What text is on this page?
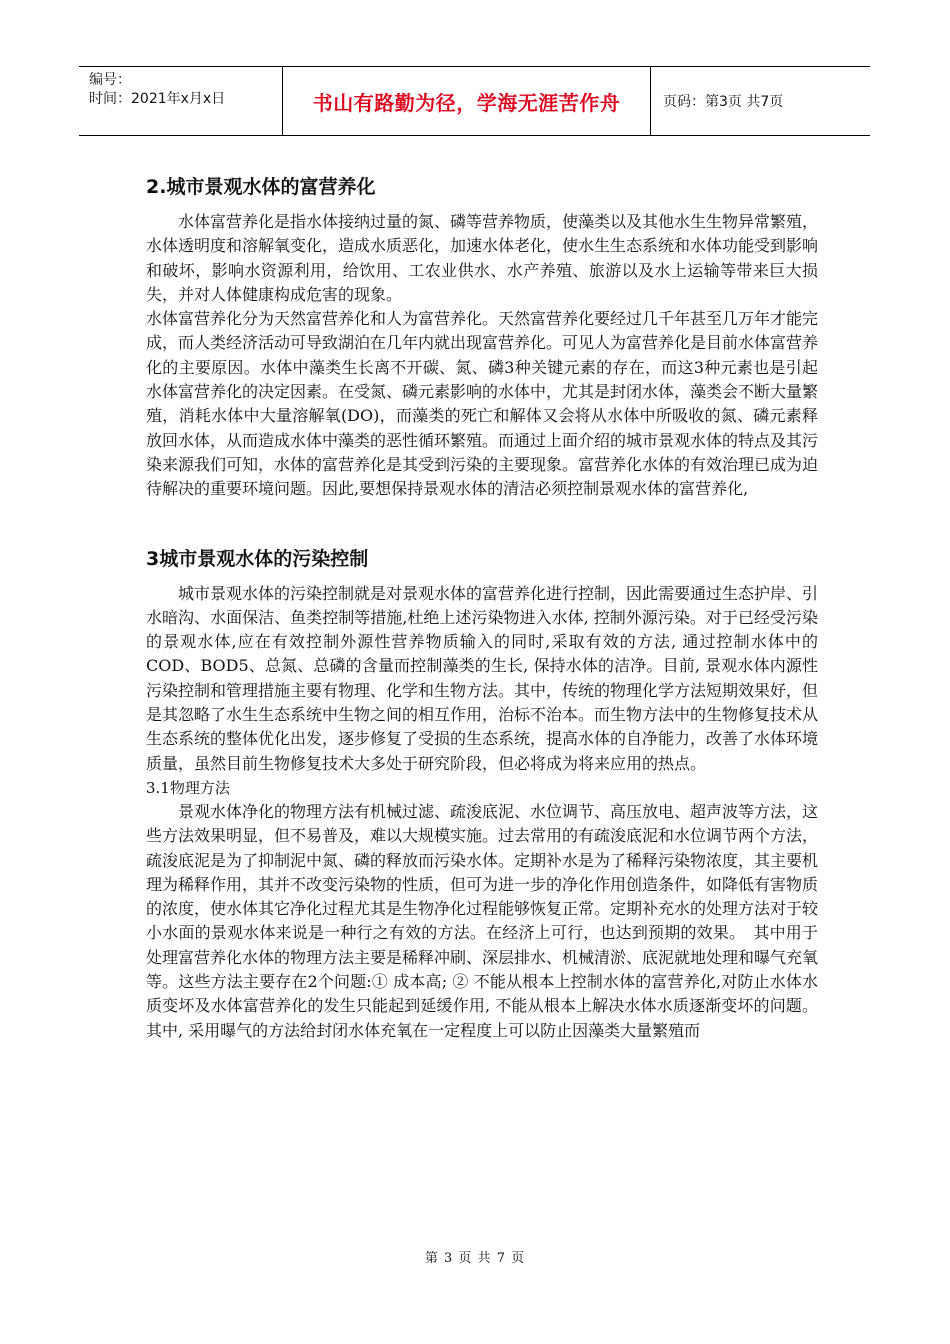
编号：
时间：2021年x月x日	书山有路勤为径，学海无涯苦作舟	页码：第3页 共7页
2.城市景观水体的富营养化

水体富营养化是指水体接纳过量的氮、磷等营养物质，使藻类以及其他水生生物异常繁殖，水体透明度和溶解氧变化，造成水质恶化，加速水体老化，使水生生态系统和水体功能受到影响和破坏，影响水资源利用，给饮用、工农业供水、水产养殖、旅游以及水上运输等带来巨大损失，并对人体健康构成危害的现象。

水体富营养化分为天然富营养化和人为富营养化。天然富营养化要经过几千年甚至几万年才能完成，而人类经济活动可导致湖泊在几年内就出现富营养化。可见人为富营养化是目前水体富营养化的主要原因。水体中藻类生长离不开碳、氮、磷3种关键元素的存在，而这3种元素也是引起水体富营养化的决定因素。在受氮、磷元素影响的水体中，尤其是封闭水体，藻类会不断大量繁殖，消耗水体中大量溶解氧(DO)，而藻类的死亡和解体又会将从水体中所吸收的氮、磷元素释放回水体，从而造成水体中藻类的恶性循环繁殖。而通过上面介绍的城市景观水体的特点及其污染来源我们可知，水体的富营养化是其受到污染的主要现象。富营养化水体的有效治理已成为迫待解决的重要环境问题。因此,要想保持景观水体的清洁必须控制景观水体的富营养化,

3城市景观水体的污染控制

城市景观水体的污染控制就是对景观水体的富营养化进行控制，因此需要通过生态护岸、引水暗沟、水面保洁、鱼类控制等措施,杜绝上述污染物进入水体, 控制外源污染。对于已经受污染的景观水体,应在有效控制外源性营养物质输入的同时,采取有效的方法, 通过控制水体中的COD、BOD5、总氮、总磷的含量而控制藻类的生长, 保持水体的洁净。目前, 景观水体内源性污染控制和管理措施主要有物理、化学和生物方法。其中，传统的物理化学方法短期效果好，但是其忽略了水生生态系统中生物之间的相互作用，治标不治本。而生物方法中的生物修复技术从生态系统的整体优化出发，逐步修复了受损的生态系统，提高水体的自净能力，改善了水体环境质量，虽然目前生物修复技术大多处于研究阶段，但必将成为将来应用的热点。

3.1物理方法

景观水体净化的物理方法有机械过滤、疏浚底泥、水位调节、高压放电、超声波等方法，这些方法效果明显，但不易普及，难以大规模实施。过去常用的有疏浚底泥和水位调节两个方法，疏浚底泥是为了抑制泥中氮、磷的释放而污染水体。定期补水是为了稀释污染物浓度，其主要机理为稀释作用，其并不改变污染物的性质，但可为进一步的净化作用创造条件，如降低有害物质的浓度，使水体其它净化过程尤其是生物净化过程能够恢复正常。定期补充水的处理方法对于较小水面的景观水体来说是一种行之有效的方法。在经济上可行，也达到预期的效果。　其中用于处理富营养化水体的物理方法主要是稀释冲刷、深层排水、机械清淤、底泥就地处理和曝气充氧等。这些方法主要存在2个问题:① 成本高; ② 不能从根本上控制水体的富营养化,对防止水体水质变坏及水体富营养化的发生只能起到延缓作用, 不能从根本上解决水体水质逐渐变坏的问题。其中, 采用曝气的方法给封闭水体充氧在一定程度上可以防止因藻类大量繁殖而

第 3 页 共 7 页
